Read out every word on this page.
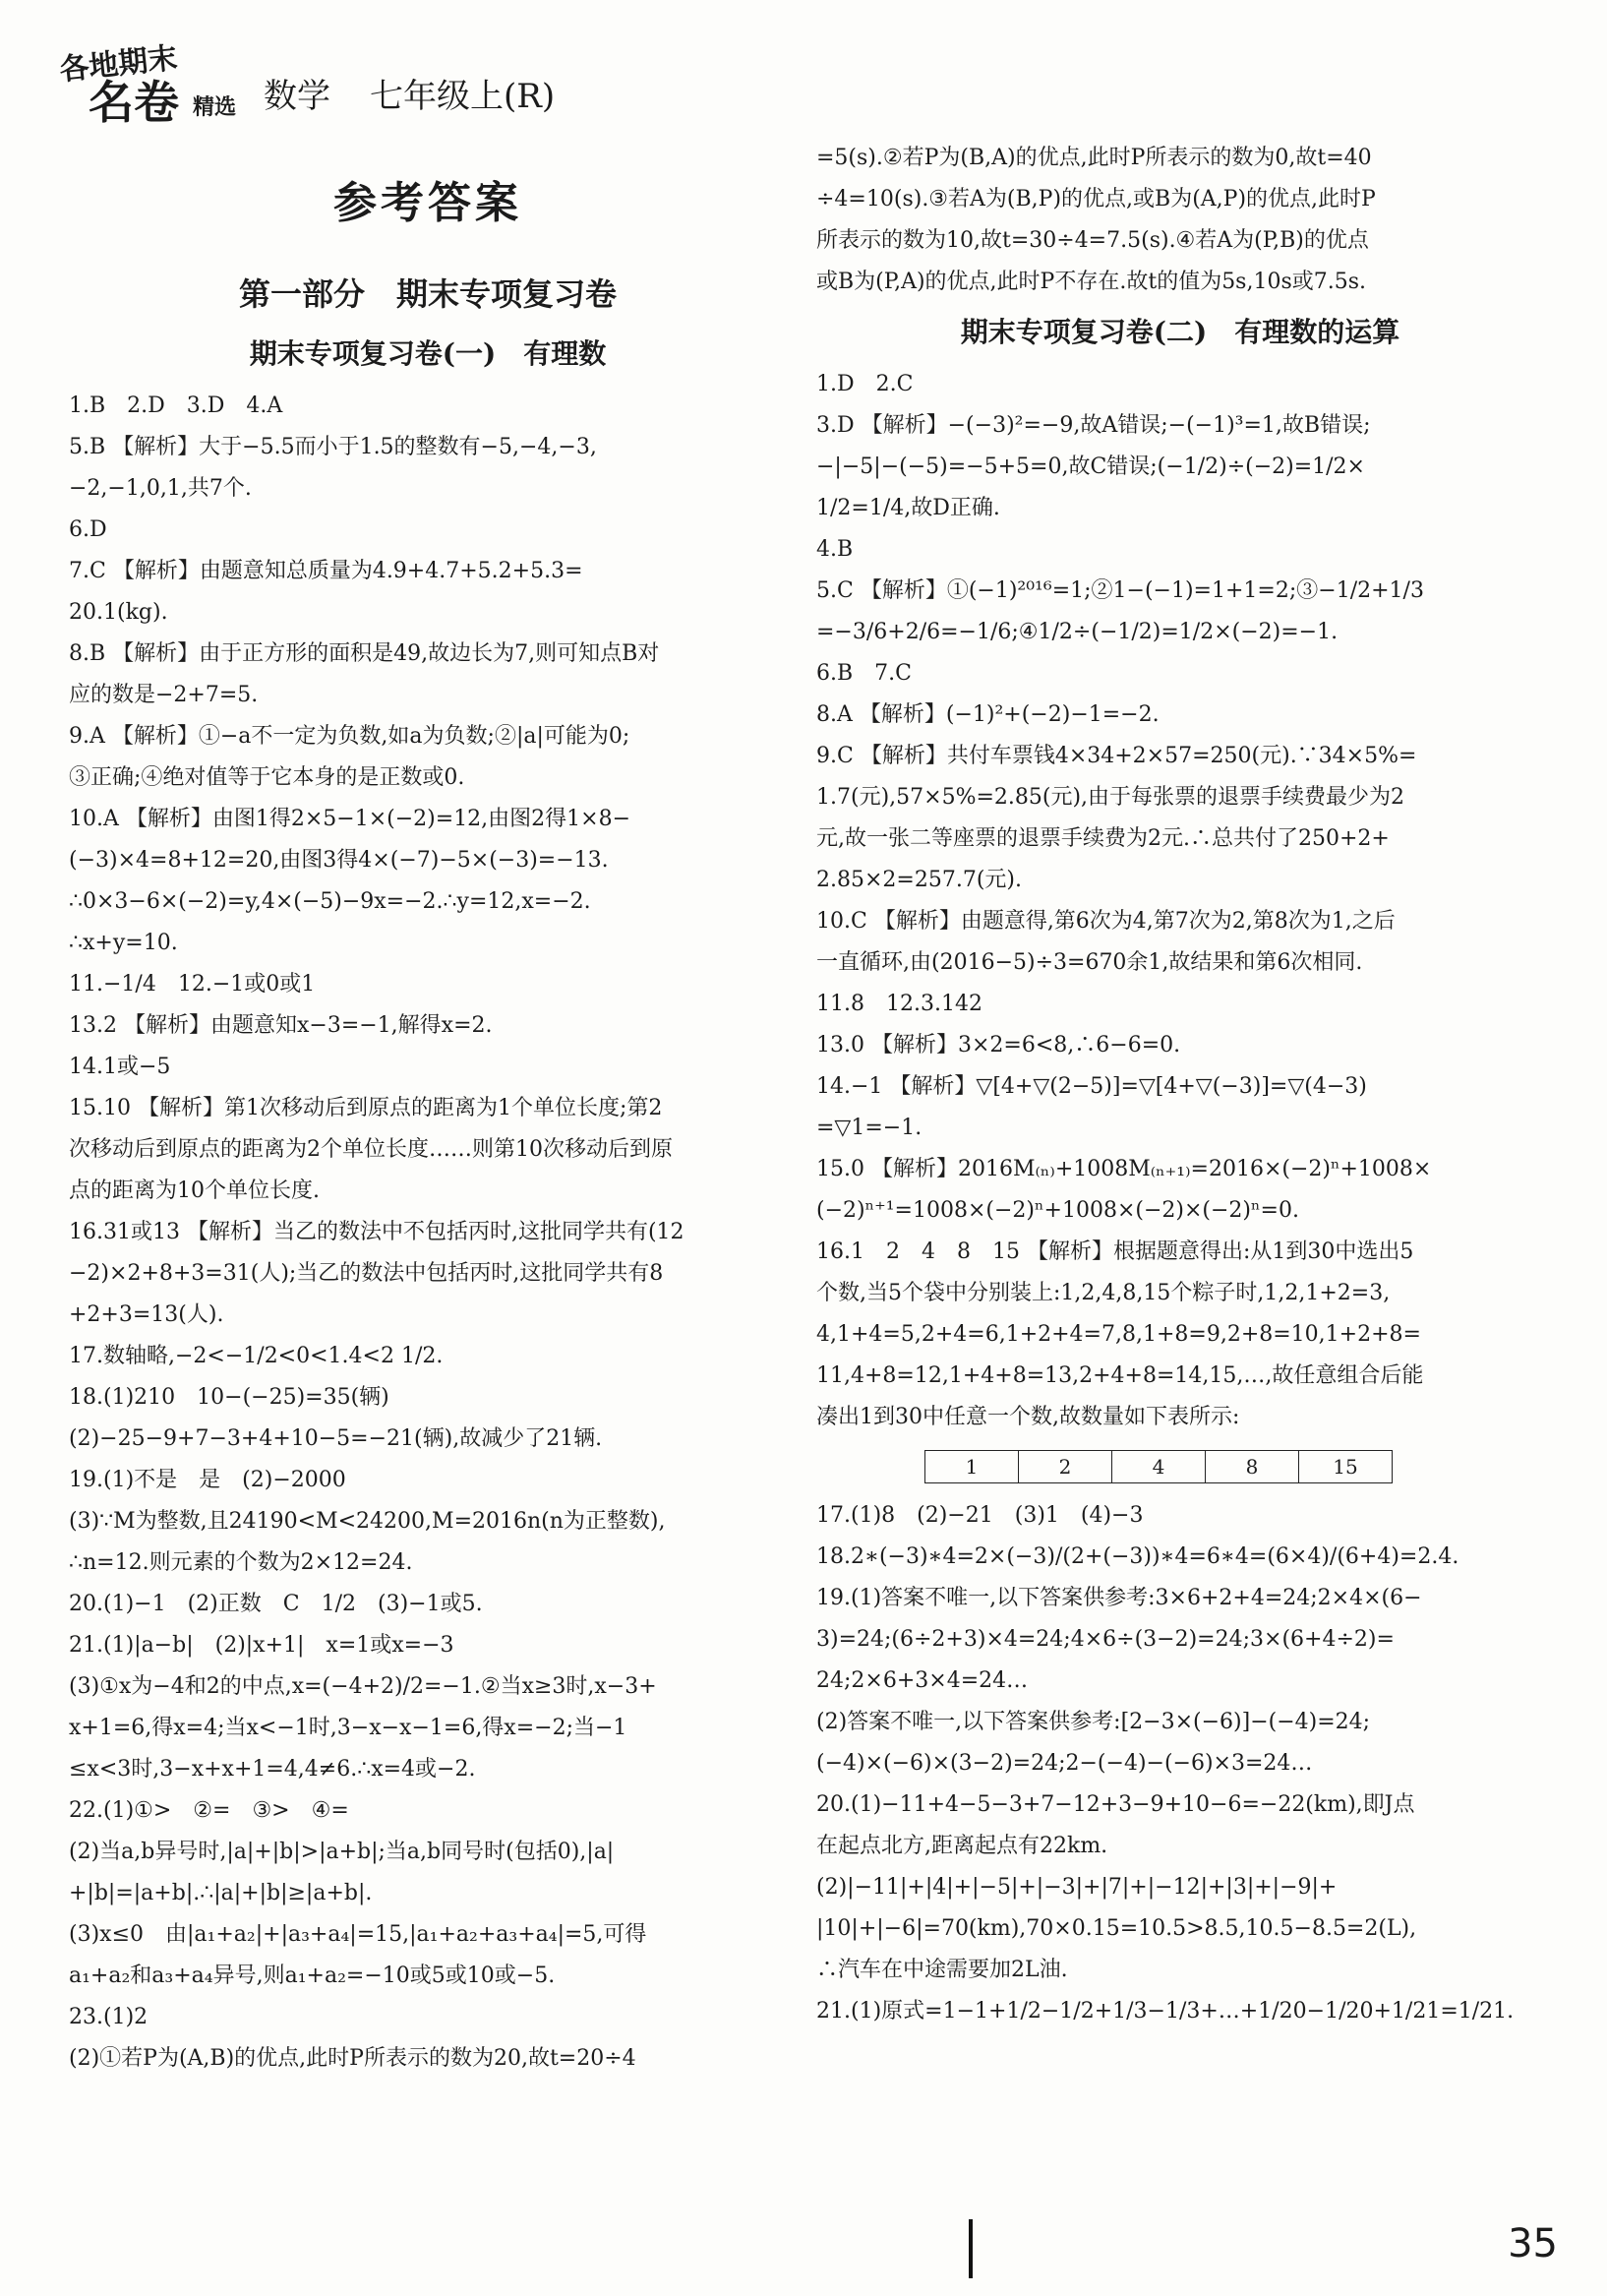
各地期末
名卷 精选 数学 七年级上(R)
参考答案
第一部分　期末专项复习卷
期末专项复习卷(一)　有理数
1.B　2.D　3.D　4.A
5.B 【解析】大于−5.5而小于1.5的整数有−5,−4,−3,
−2,−1,0,1,共7个.
6.D
7.C 【解析】由题意知总质量为4.9+4.7+5.2+5.3=
20.1(kg).
8.B 【解析】由于正方形的面积是49,故边长为7,则可知点B对
应的数是−2+7=5.
9.A 【解析】①−a不一定为负数,如a为负数;②|a|可能为0;
③正确;④绝对值等于它本身的是正数或0.
10.A 【解析】由图1得2×5−1×(−2)=12,由图2得1×8−
(−3)×4=8+12=20,由图3得4×(−7)−5×(−3)=−13.
∴0×3−6×(−2)=y,4×(−5)−9x=−2.∴y=12,x=−2.
∴x+y=10.
11.−1/4　12.−1或0或1
13.2 【解析】由题意知x−3=−1,解得x=2.
14.1或−5
15.10 【解析】第1次移动后到原点的距离为1个单位长度;第2
次移动后到原点的距离为2个单位长度……则第10次移动后到原
点的距离为10个单位长度.
16.31或13 【解析】当乙的数法中不包括丙时,这批同学共有(12
−2)×2+8+3=31(人);当乙的数法中包括丙时,这批同学共有8
+2+3=13(人).
17.数轴略,−2<−1/2<0<1.4<2 1/2.
18.(1)210　10−(−25)=35(辆)
(2)−25−9+7−3+4+10−5=−21(辆),故减少了21辆.
19.(1)不是　是　(2)−2000
(3)∵M为整数,且24190<M<24200,M=2016n(n为正整数),
∴n=12.则元素的个数为2×12=24.
20.(1)−1　(2)正数　C　1/2　(3)−1或5.
21.(1)|a−b|　(2)|x+1|　x=1或x=−3
(3)①x为−4和2的中点,x=(−4+2)/2=−1.②当x≥3时,x−3+
x+1=6,得x=4;当x<−1时,3−x−x−1=6,得x=−2;当−1
≤x<3时,3−x+x+1=4,4≠6.∴x=4或−2.
22.(1)①>　②=　③>　④=
(2)当a,b异号时,|a|+|b|>|a+b|;当a,b同号时(包括0),|a|
+|b|=|a+b|.∴|a|+|b|≥|a+b|.
(3)x≤0　由|a₁+a₂|+|a₃+a₄|=15,|a₁+a₂+a₃+a₄|=5,可得
a₁+a₂和a₃+a₄异号,则a₁+a₂=−10或5或10或−5.
23.(1)2
(2)①若P为(A,B)的优点,此时P所表示的数为20,故t=20÷4
=5(s).②若P为(B,A)的优点,此时P所表示的数为0,故t=40
÷4=10(s).③若A为(B,P)的优点,或B为(A,P)的优点,此时P
所表示的数为10,故t=30÷4=7.5(s).④若A为(P,B)的优点
或B为(P,A)的优点,此时P不存在.故t的值为5s,10s或7.5s.
期末专项复习卷(二)　有理数的运算
1.D　2.C
3.D 【解析】−(−3)²=−9,故A错误;−(−1)³=1,故B错误;
−|−5|−(−5)=−5+5=0,故C错误;(−1/2)÷(−2)=1/2×
1/2=1/4,故D正确.
4.B
5.C 【解析】①(−1)²⁰¹⁶=1;②1−(−1)=1+1=2;③−1/2+1/3
=−3/6+2/6=−1/6;④1/2÷(−1/2)=1/2×(−2)=−1.
6.B　7.C
8.A 【解析】(−1)²+(−2)−1=−2.
9.C 【解析】共付车票钱4×34+2×57=250(元).∵34×5%=
1.7(元),57×5%=2.85(元),由于每张票的退票手续费最少为2
元,故一张二等座票的退票手续费为2元.∴总共付了250+2+
2.85×2=257.7(元).
10.C 【解析】由题意得,第6次为4,第7次为2,第8次为1,之后
一直循环,由(2016−5)÷3=670余1,故结果和第6次相同.
11.8　12.3.142
13.0 【解析】3×2=6<8,∴6−6=0.
14.−1 【解析】▽[4+▽(2−5)]=▽[4+▽(−3)]=▽(4−3)
=▽1=−1.
15.0 【解析】2016M₍ₙ₎+1008M₍ₙ₊₁₎=2016×(−2)ⁿ+1008×
(−2)ⁿ⁺¹=1008×(−2)ⁿ+1008×(−2)×(−2)ⁿ=0.
16.1　2　4　8　15 【解析】根据题意得出:从1到30中选出5
个数,当5个袋中分别装上:1,2,4,8,15个粽子时,1,2,1+2=3,
4,1+4=5,2+4=6,1+2+4=7,8,1+8=9,2+8=10,1+2+8=
11,4+8=12,1+4+8=13,2+4+8=14,15,…,故任意组合后能
凑出1到30中任意一个数,故数量如下表所示:
1	2	4	8	15
17.(1)8　(2)−21　(3)1　(4)−3
18.2∗(−3)∗4=2×(−3)/(2+(−3))∗4=6∗4=(6×4)/(6+4)=2.4.
19.(1)答案不唯一,以下答案供参考:3×6+2+4=24;2×4×(6−
3)=24;(6÷2+3)×4=24;4×6÷(3−2)=24;3×(6+4÷2)=
24;2×6+3×4=24…
(2)答案不唯一,以下答案供参考:[2−3×(−6)]−(−4)=24;
(−4)×(−6)×(3−2)=24;2−(−4)−(−6)×3=24…
20.(1)−11+4−5−3+7−12+3−9+10−6=−22(km),即J点
在起点北方,距离起点有22km.
(2)|−11|+|4|+|−5|+|−3|+|7|+|−12|+|3|+|−9|+
|10|+|−6|=70(km),70×0.15=10.5>8.5,10.5−8.5=2(L),
∴汽车在中途需要加2L油.
21.(1)原式=1−1+1/2−1/2+1/3−1/3+…+1/20−1/20+1/21=1/21.
35
